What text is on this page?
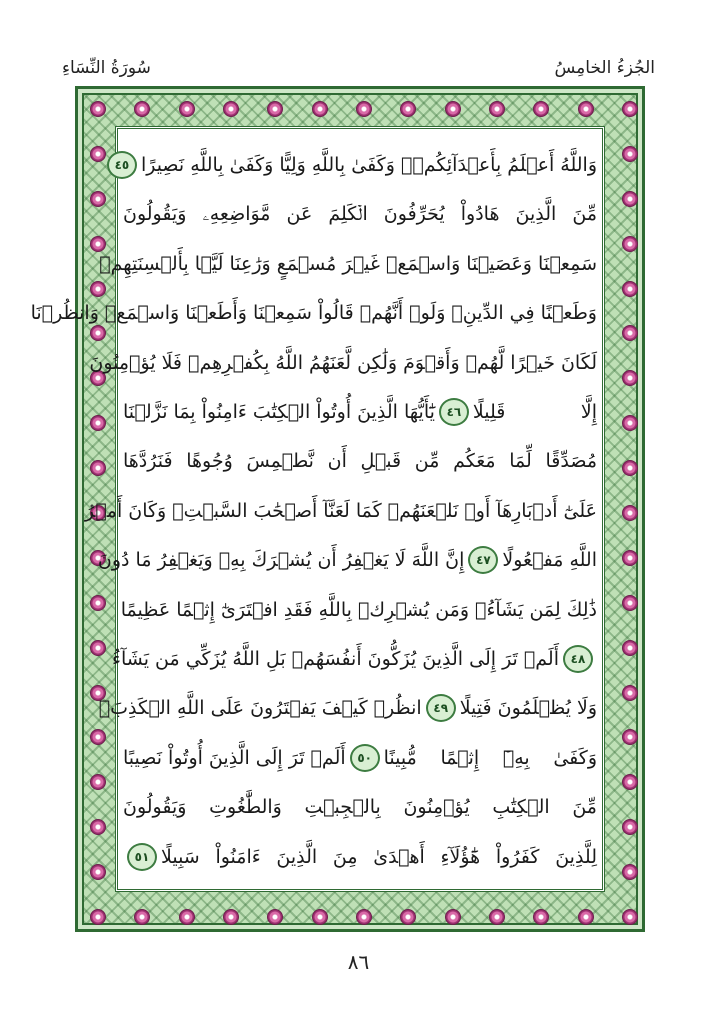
الجُزءُ الخامِسُ
سُورَةُ النِّسَاءِ
وَاللَّهُ أَعۡلَمُ بِأَعۡدَآئِكُمۡۚ وَكَفَىٰ بِاللَّهِ وَلِيًّا وَكَفَىٰ بِاللَّهِ نَصِيرًا
٤٥
مِّنَ الَّذِينَ هَادُواْ يُحَرِّفُونَ الۡكَلِمَ عَن مَّوَاضِعِهِۦ وَيَقُولُونَ
سَمِعۡنَا وَعَصَيۡنَا وَاسۡمَعۡ غَيۡرَ مُسۡمَعٍ وَرَٰعِنَا لَيَّۢا بِأَلۡسِنَتِهِمۡ
وَطَعۡنًا فِي الدِّينِۚ وَلَوۡ أَنَّهُمۡ قَالُواْ سَمِعۡنَا وَأَطَعۡنَا وَاسۡمَعۡ وَانظُرۡنَا
لَكَانَ خَيۡرًا لَّهُمۡ وَأَقۡوَمَ وَلَٰكِن لَّعَنَهُمُ اللَّهُ بِكُفۡرِهِمۡ فَلَا يُؤۡمِنُونَ
إِلَّا قَلِيلًا
٤٦
يَٰٓأَيُّهَا الَّذِينَ أُوتُواْ الۡكِتَٰبَ ءَامِنُواْ بِمَا نَزَّلۡنَا
مُصَدِّقًا لِّمَا مَعَكُم مِّن قَبۡلِ أَن نَّطۡمِسَ وُجُوهًا فَنَرُدَّهَا
عَلَىٰٓ أَدۡبَارِهَآ أَوۡ نَلۡعَنَهُمۡ كَمَا لَعَنَّآ أَصۡحَٰبَ السَّبۡتِۚ وَكَانَ أَمۡرُ
اللَّهِ مَفۡعُولًا
٤٧
إِنَّ اللَّهَ لَا يَغۡفِرُ أَن يُشۡرَكَ بِهِۦ وَيَغۡفِرُ مَا دُونَ
ذَٰلِكَ لِمَن يَشَآءُۚ وَمَن يُشۡرِكۡ بِاللَّهِ فَقَدِ افۡتَرَىٰٓ إِثۡمًا عَظِيمًا
٤٨
أَلَمۡ تَرَ إِلَى الَّذِينَ يُزَكُّونَ أَنفُسَهُمۚ بَلِ اللَّهُ يُزَكِّي مَن يَشَآءُ
وَلَا يُظۡلَمُونَ فَتِيلًا
٤٩
انظُرۡ كَيۡفَ يَفۡتَرُونَ عَلَى اللَّهِ الۡكَذِبَۖ
وَكَفَىٰ بِهِۦٓ إِثۡمًا مُّبِينًا
٥٠
أَلَمۡ تَرَ إِلَى الَّذِينَ أُوتُواْ نَصِيبًا
مِّنَ الۡكِتَٰبِ يُؤۡمِنُونَ بِالۡجِبۡتِ وَالطَّٰغُوتِ وَيَقُولُونَ
لِلَّذِينَ كَفَرُواْ هَٰٓؤُلَآءِ أَهۡدَىٰ مِنَ الَّذِينَ ءَامَنُواْ سَبِيلًا
٥١
٨٦
